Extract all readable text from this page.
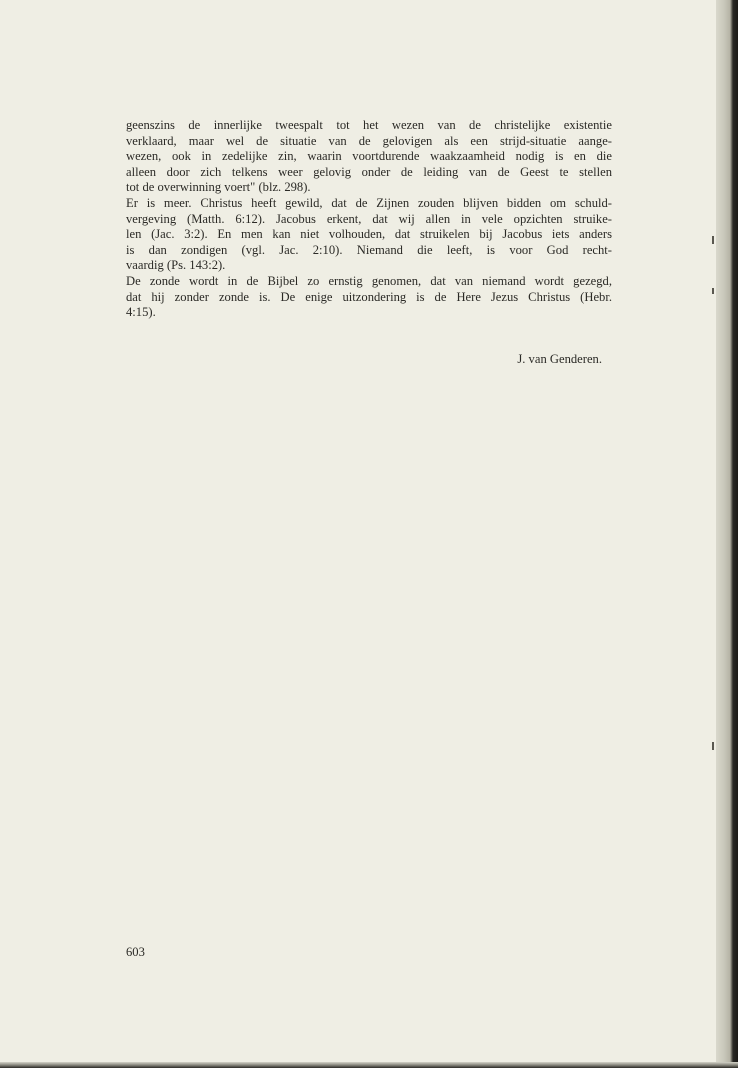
geenszins de innerlijke tweespalt tot het wezen van de christelijke existentie
verklaard, maar wel de situatie van de gelovigen als een strijd-situatie aange-
wezen, ook in zedelijke zin, waarin voortdurende waakzaamheid nodig is en die
alleen door zich telkens weer gelovig onder de leiding van de Geest te stellen
tot de overwinning voert" (blz. 298).
Er is meer. Christus heeft gewild, dat de Zijnen zouden blijven bidden om schuld-
vergeving (Matth. 6:12). Jacobus erkent, dat wij allen in vele opzichten struike-
len (Jac. 3:2). En men kan niet volhouden, dat struikelen bij Jacobus iets anders
is dan zondigen (vgl. Jac. 2:10). Niemand die leeft, is voor God recht-
vaardig (Ps. 143:2).
De zonde wordt in de Bijbel zo ernstig genomen, dat van niemand wordt gezegd,
dat hij zonder zonde is. De enige uitzondering is de Here Jezus Christus (Hebr.
4:15).
J. van Genderen.
603
